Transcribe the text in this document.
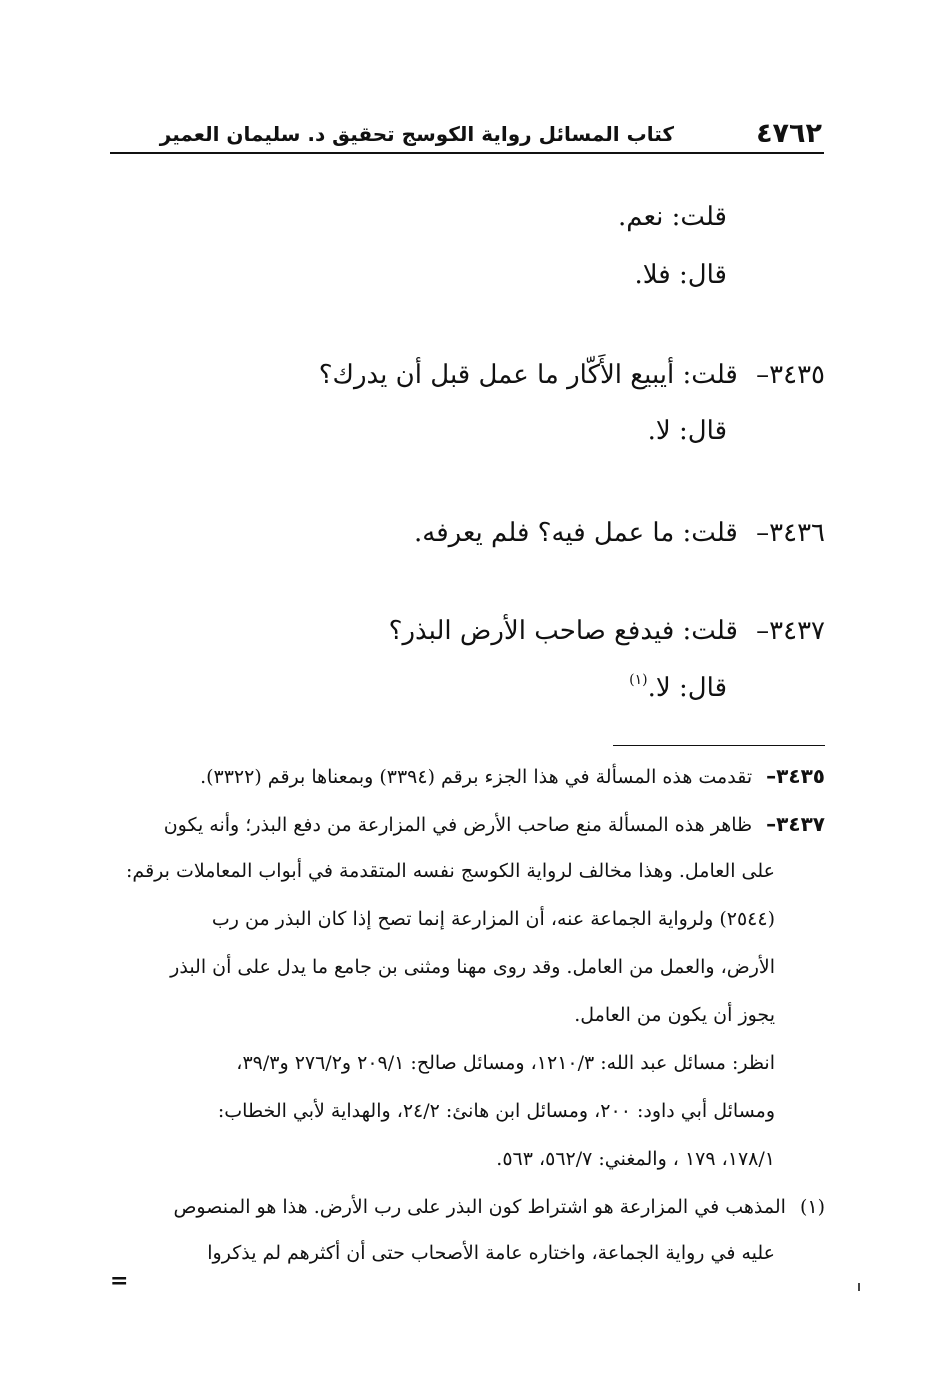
٤٧٦٢
كتاب المسائل رواية الكوسج تحقيق د. سليمان العمير
قلت: نعم.
قال: فلا.
٣٤٣٥– قلت: أيبيع الأَكّار ما عمل قبل أن يدرك؟
قال: لا.
٣٤٣٦– قلت: ما عمل فيه؟ فلم يعرفه.
٣٤٣٧– قلت: فيدفع صاحب الأرض البذر؟
قال: لا.$^{(١)}$
٣٤٣٥– تقدمت هذه المسألة في هذا الجزء برقم (٣٣٩٤) وبمعناها برقم (٣٣٢٢).
٣٤٣٧– ظاهر هذه المسألة منع صاحب الأرض في المزارعة من دفع البذر؛ وأنه يكون
على العامل. وهذا مخالف لرواية الكوسج نفسه المتقدمة في أبواب المعاملات برقم:
(٢٥٤٤) ولرواية الجماعة عنه، أن المزارعة إنما تصح إذا كان البذر من رب
الأرض، والعمل من العامل. وقد روى مهنا ومثنى بن جامع ما يدل على أن البذر
يجوز أن يكون من العامل.
انظر: مسائل عبد الله: ١٢١٠/٣، ومسائل صالح: ٢٠٩/١ و٢٧٦/٢ و٣٩/٣،
ومسائل أبي داود: ٢٠٠، ومسائل ابن هانئ: ٢٤/٢، والهداية لأبي الخطاب:
١٧٨/١، ١٧٩ ، والمغني: ٥٦٢/٧، ٥٦٣.
(١) المذهب في المزارعة هو اشتراط كون البذر على رب الأرض. هذا هو المنصوص
عليه في رواية الجماعة، واختاره عامة الأصحاب حتى أن أكثرهم لم يذكروا
=
